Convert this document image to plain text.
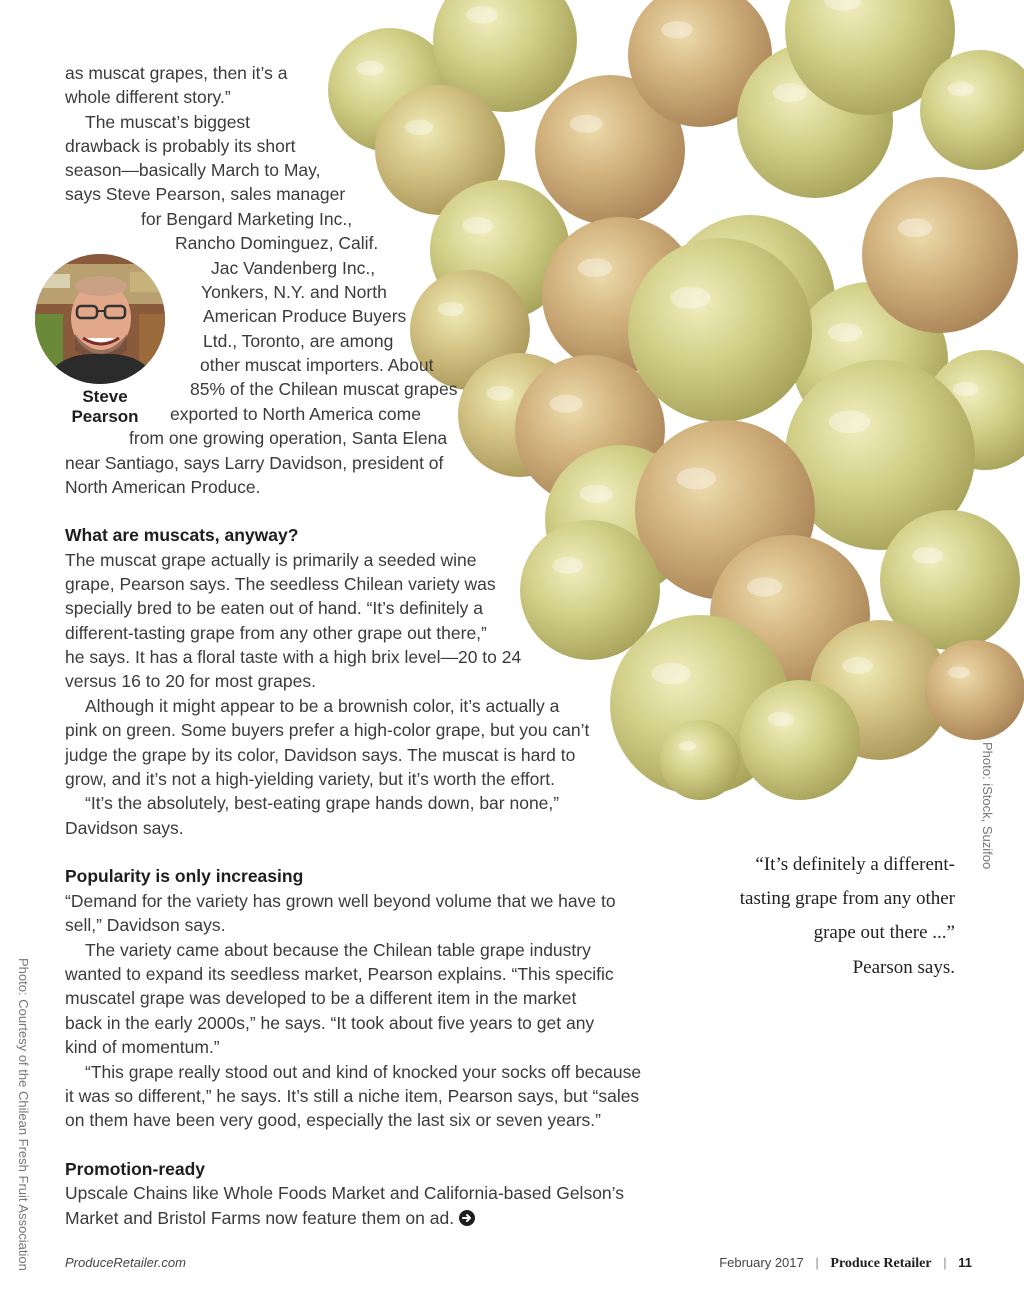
as muscat grapes, then it’s a
whole different story.”
The muscat’s biggest
drawback is probably its short
season—basically March to May,
says Steve Pearson, sales manager
for Bengard Marketing Inc.,
Rancho Dominguez, Calif.
Jac Vandenberg Inc.,
Yonkers, N.Y. and North
American Produce Buyers
Ltd., Toronto, are among
other muscat importers. About
85% of the Chilean muscat grapes
exported to North America come
from one growing operation, Santa Elena
near Santiago, says Larry Davidson, president of
North American Produce.
Steve
Pearson
What are muscats, anyway?
The muscat grape actually is primarily a seeded wine
grape, Pearson says. The seedless Chilean variety was
specially bred to be eaten out of hand. “It’s definitely a
different-tasting grape from any other grape out there,”
he says. It has a floral taste with a high brix level—20 to 24
versus 16 to 20 for most grapes.
Although it might appear to be a brownish color, it’s actually a
pink on green. Some buyers prefer a high-color grape, but you can’t
judge the grape by its color, Davidson says. The muscat is hard to
grow, and it’s not a high-yielding variety, but it’s worth the effort.
“It’s the absolutely, best-eating grape hands down, bar none,”
Davidson says.
Popularity is only increasing
“Demand for the variety has grown well beyond volume that we have to
sell,” Davidson says.
The variety came about because the Chilean table grape industry
wanted to expand its seedless market, Pearson explains. “This specific
muscatel grape was developed to be a different item in the market
back in the early 2000s,” he says. “It took about five years to get any
kind of momentum.”
“This grape really stood out and kind of knocked your socks off because
it was so different,” he says. It’s still a niche item, Pearson says, but “sales
on them have been very good, especially the last six or seven years.”
Promotion-ready
Upscale Chains like Whole Foods Market and California-based Gelson’s
Market and Bristol Farms now feature them on ad.
“It’s definitely a different-
tasting grape from any other
grape out there ...”
Pearson says.
Photo: iStock, Suzifoo
Photo: Courtesy of the Chilean Fresh Fruit Association	ProduceRetailer.com	February 2017 | Produce Retailer | 11
